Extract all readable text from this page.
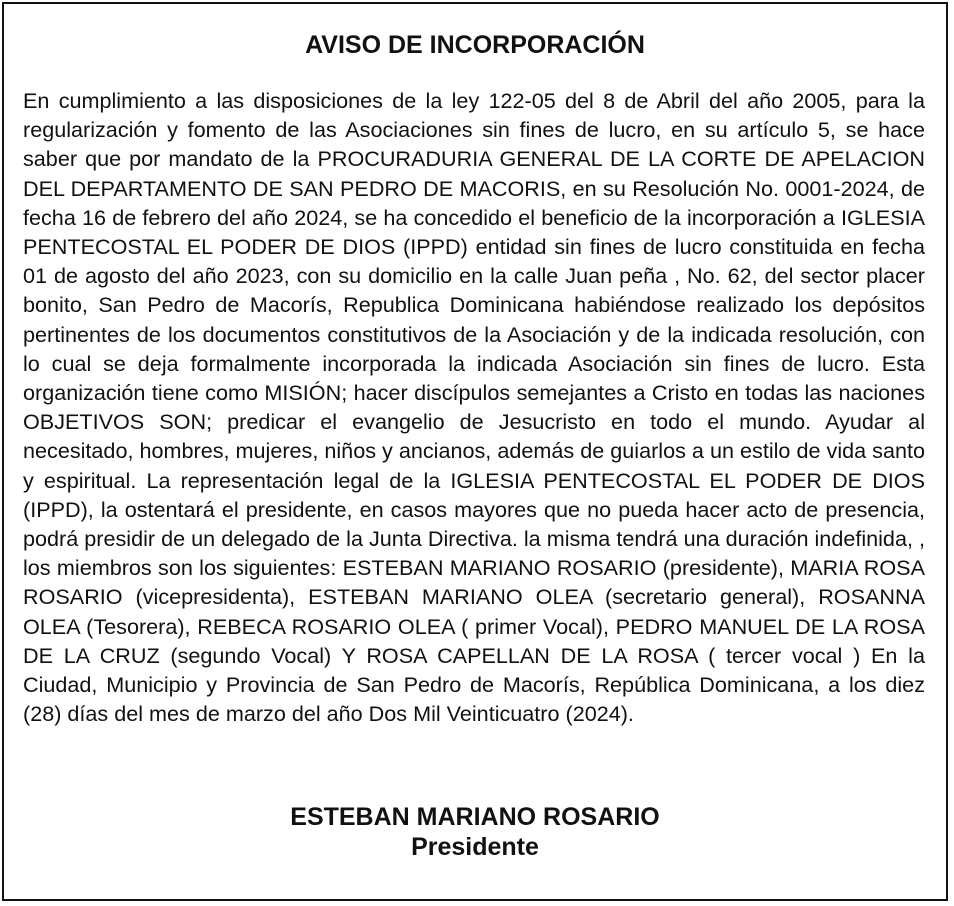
AVISO DE INCORPORACIÓN

En cumplimiento a las disposiciones de la ley 122-05 del 8 de Abril del año 2005, para la regularización y fomento de las Asociaciones sin fines de lucro, en su artículo 5, se hace saber que por mandato de la PROCURADURIA GENERAL DE LA CORTE DE APELACION DEL DEPARTAMENTO DE SAN PEDRO DE MACORIS, en su Resolución No. 0001-2024, de fecha 16 de febrero del año 2024, se ha concedido el beneficio de la incorporación a IGLESIA PENTECOSTAL EL PODER DE DIOS (IPPD) entidad sin fines de lucro constituida en fecha 01 de agosto del año 2023, con su domicilio en la calle Juan peña , No. 62, del sector placer bonito, San Pedro de Macorís, Republica Dominicana habiéndose realizado los depósitos pertinentes de los documentos constitutivos de la Asociación y de la indicada resolución, con lo cual se deja formalmente incorporada la indicada Asociación sin fines de lucro. Esta organización tiene como MISIÓN; hacer discípulos semejantes a Cristo en todas las naciones OBJETIVOS SON; predicar el evangelio de Jesucristo en todo el mundo. Ayudar al necesitado, hombres, mujeres, niños y ancianos, además de guiarlos a un estilo de vida santo y espiritual. La representación legal de la IGLESIA PENTECOSTAL EL PODER DE DIOS (IPPD), la ostentará el presidente, en casos mayores que no pueda hacer acto de presencia, podrá presidir de un delegado de la Junta Directiva. la misma tendrá una duración indefinida, , los miembros son los siguientes: ESTEBAN MARIANO ROSARIO (presidente), MARIA ROSA ROSARIO (vicepresidenta), ESTEBAN MARIANO OLEA (secretario general), ROSANNA OLEA (Tesorera), REBECA ROSARIO OLEA ( primer Vocal), PEDRO MANUEL DE LA ROSA DE LA CRUZ (segundo Vocal) Y ROSA CAPELLAN DE LA ROSA ( tercer vocal ) En la Ciudad, Municipio y Provincia de San Pedro de Macorís, República Dominicana, a los diez (28) días del mes de marzo del año Dos Mil Veinticuatro (2024).

ESTEBAN MARIANO ROSARIO
Presidente
